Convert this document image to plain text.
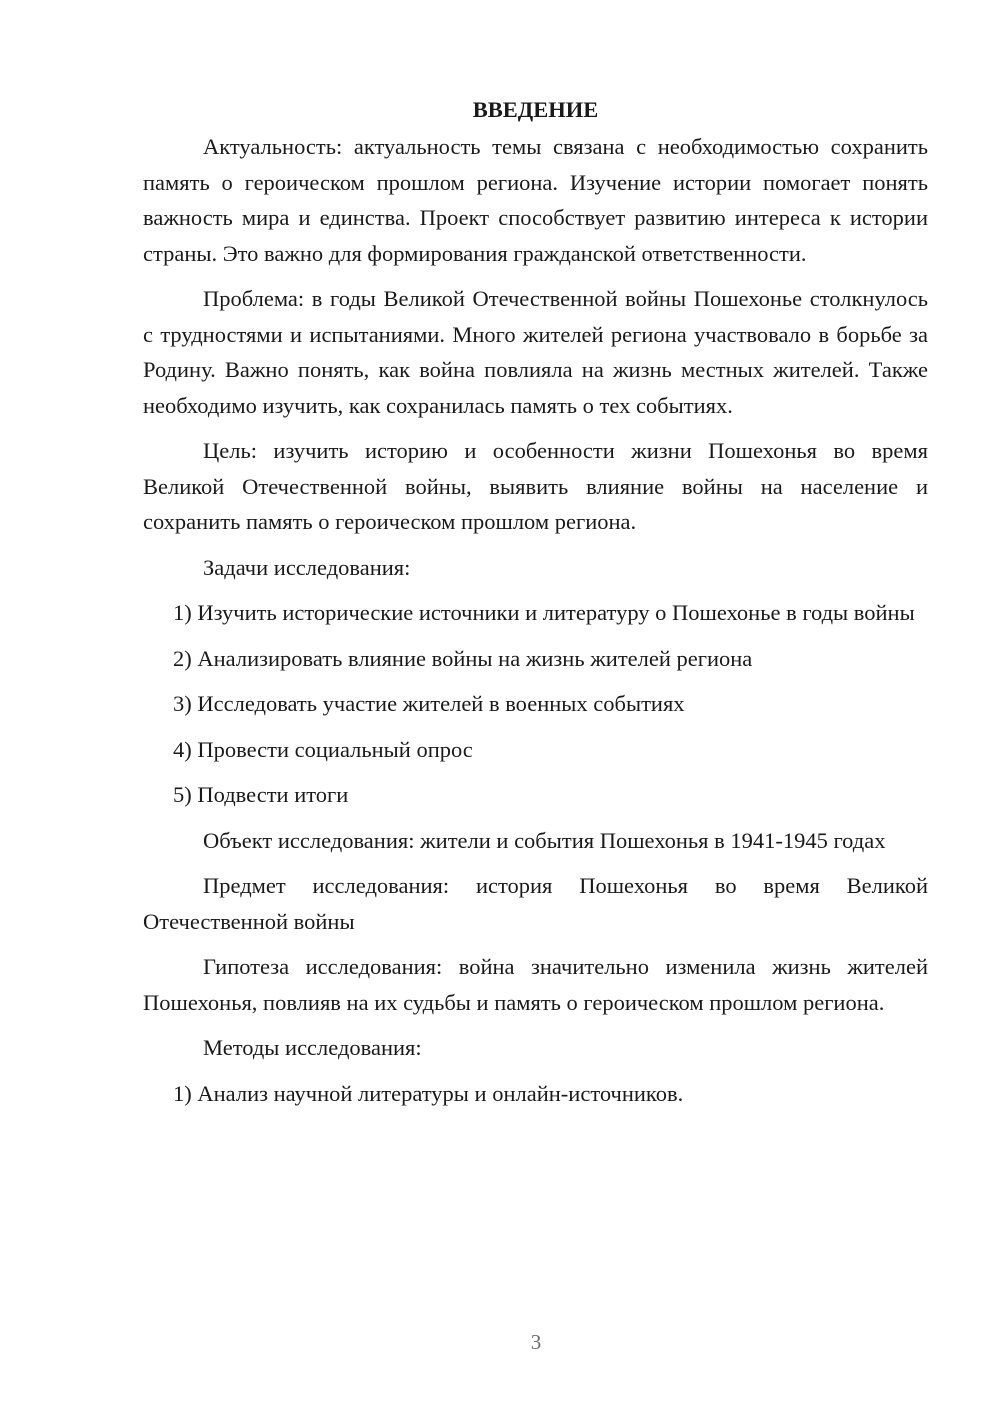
ВВЕДЕНИЕ

Актуальность: актуальность темы связана с необходимостью сохранить память о героическом прошлом региона. Изучение истории помогает понять важность мира и единства. Проект способствует развитию интереса к истории страны. Это важно для формирования гражданской ответственности.

Проблема: в годы Великой Отечественной войны Пошехонье столкнулось с трудностями и испытаниями. Много жителей региона участвовало в борьбе за Родину. Важно понять, как война повлияла на жизнь местных жителей. Также необходимо изучить, как сохранилась память о тех событиях.

Цель: изучить историю и особенности жизни Пошехонья во время Великой Отечественной войны, выявить влияние войны на население и сохранить память о героическом прошлом региона.

Задачи исследования:

1) Изучить исторические источники и литературу о Пошехонье в годы войны

2) Анализировать влияние войны на жизнь жителей региона

3) Исследовать участие жителей в военных событиях

4) Провести социальный опрос

5) Подвести итоги

Объект исследования: жители и события Пошехонья в 1941-1945 годах

Предмет исследования: история Пошехонья во время Великой Отечественной войны

Гипотеза исследования: война значительно изменила жизнь жителей Пошехонья, повлияв на их судьбы и память о героическом прошлом региона.

Методы исследования:

1) Анализ научной литературы и онлайн-источников.

3
